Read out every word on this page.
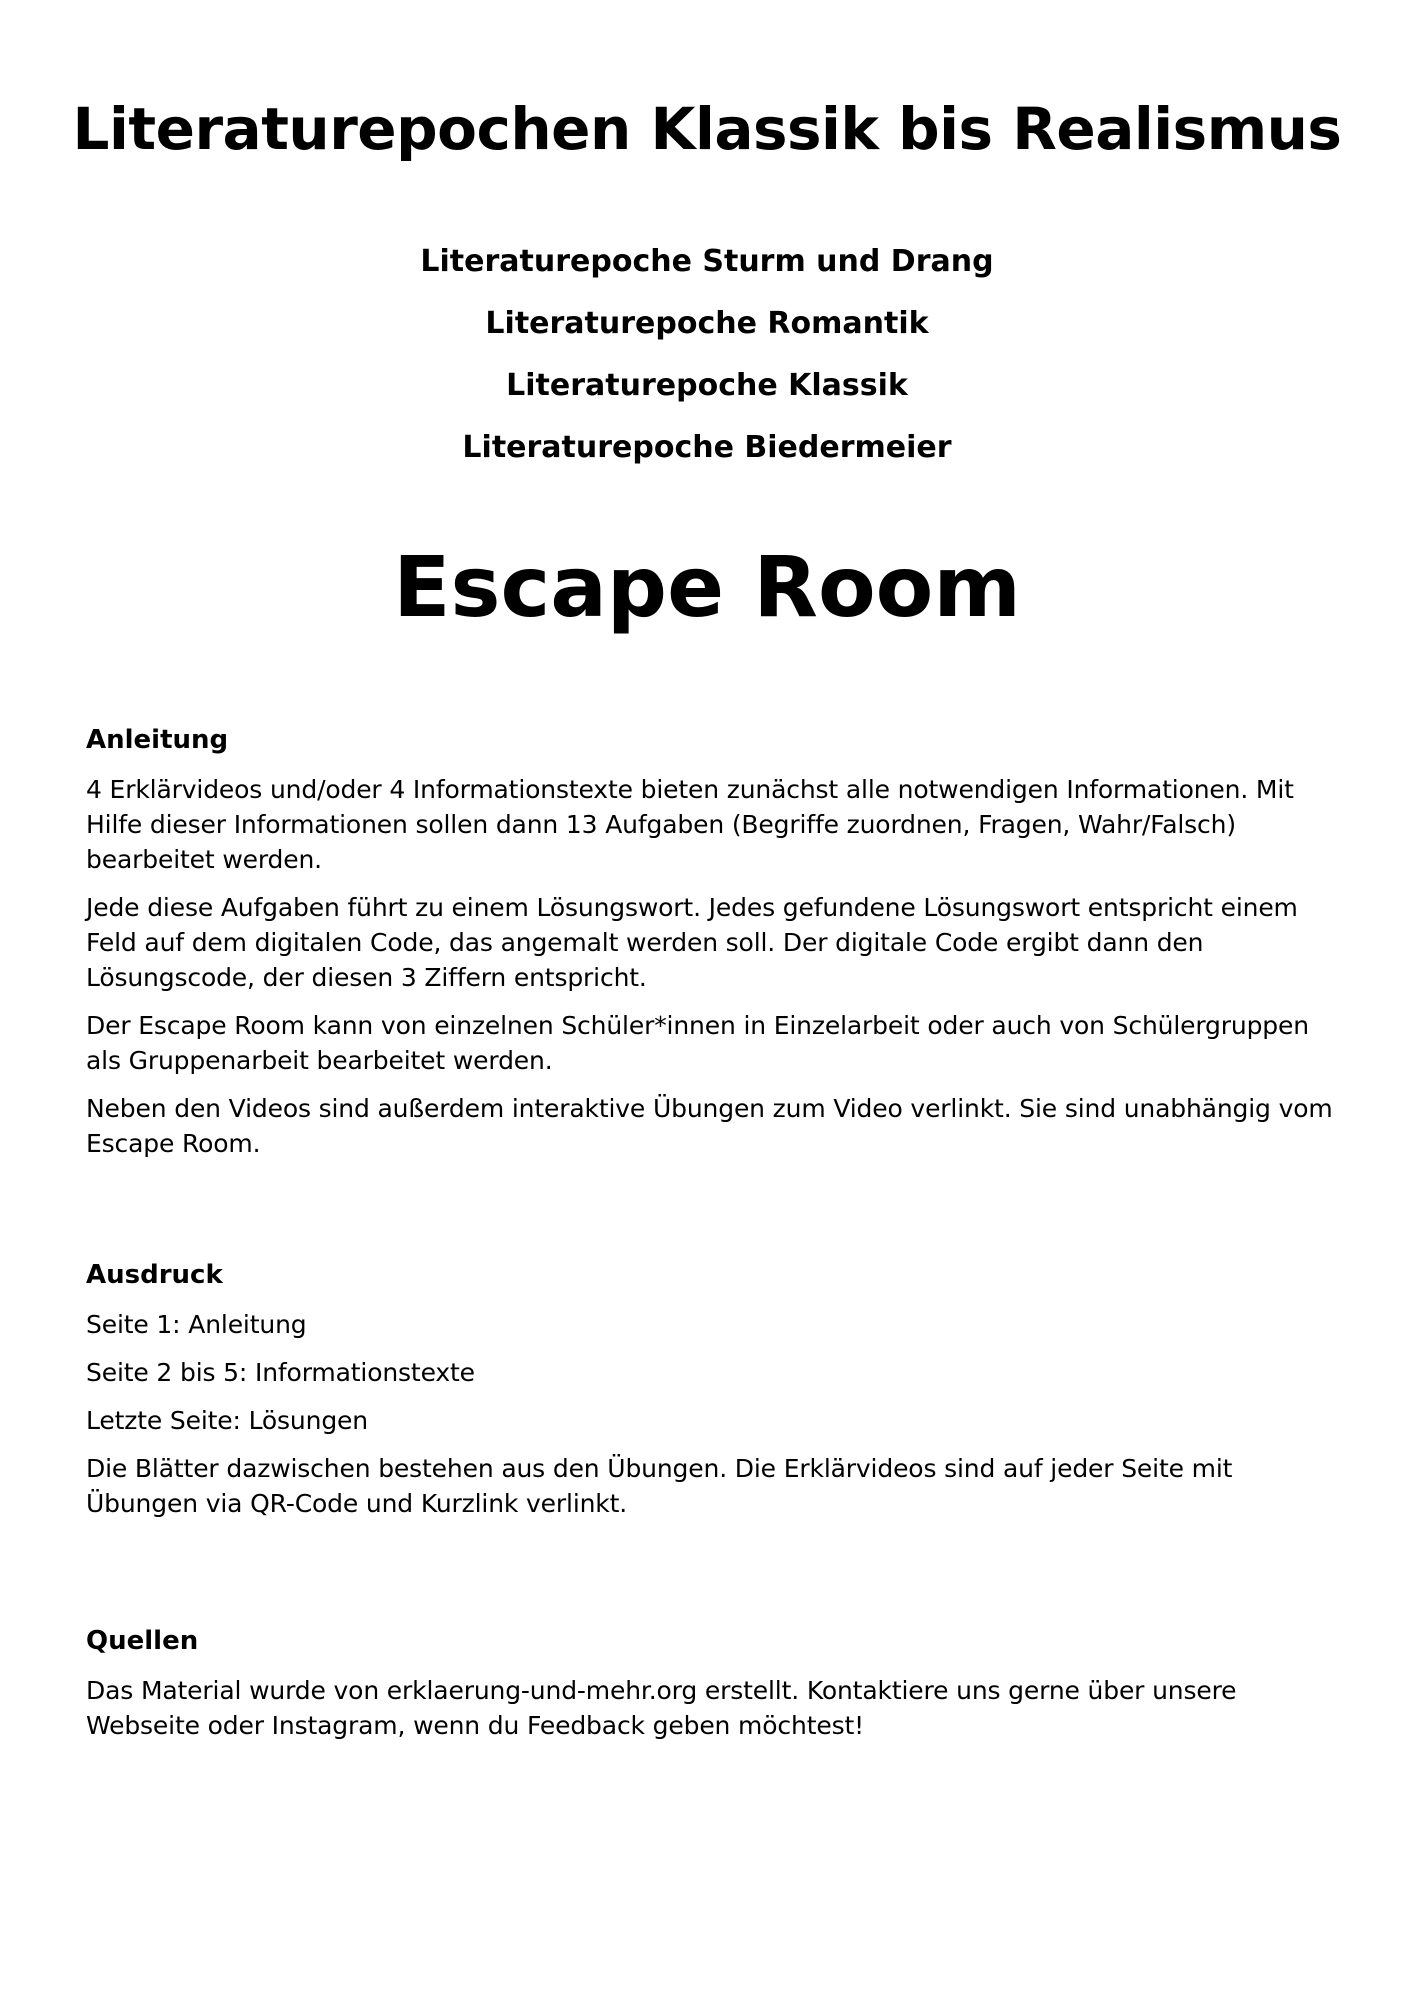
Literaturepochen Klassik bis Realismus
Literaturepoche Sturm und Drang
Literaturepoche Romantik
Literaturepoche Klassik
Literaturepoche Biedermeier
Escape Room
Anleitung

4 Erklärvideos und/oder 4 Informationstexte bieten zunächst alle notwendigen Informationen. Mit Hilfe dieser Informationen sollen dann 13 Aufgaben (Begriffe zuordnen, Fragen, Wahr/Falsch) bearbeitet werden.

Jede diese Aufgaben führt zu einem Lösungswort. Jedes gefundene Lösungswort entspricht einem Feld auf dem digitalen Code, das angemalt werden soll. Der digitale Code ergibt dann den Lösungscode, der diesen 3 Ziffern entspricht.

Der Escape Room kann von einzelnen Schüler*innen in Einzelarbeit oder auch von Schülergruppen als Gruppenarbeit bearbeitet werden.

Neben den Videos sind außerdem interaktive Übungen zum Video verlinkt. Sie sind unabhängig vom Escape Room.

Ausdruck

Seite 1: Anleitung

Seite 2 bis 5: Informationstexte

Letzte Seite: Lösungen

Die Blätter dazwischen bestehen aus den Übungen. Die Erklärvideos sind auf jeder Seite mit Übungen via QR-Code und Kurzlink verlinkt.

Quellen

Das Material wurde von erklaerung-und-mehr.org erstellt. Kontaktiere uns gerne über unsere Webseite oder Instagram, wenn du Feedback geben möchtest!
